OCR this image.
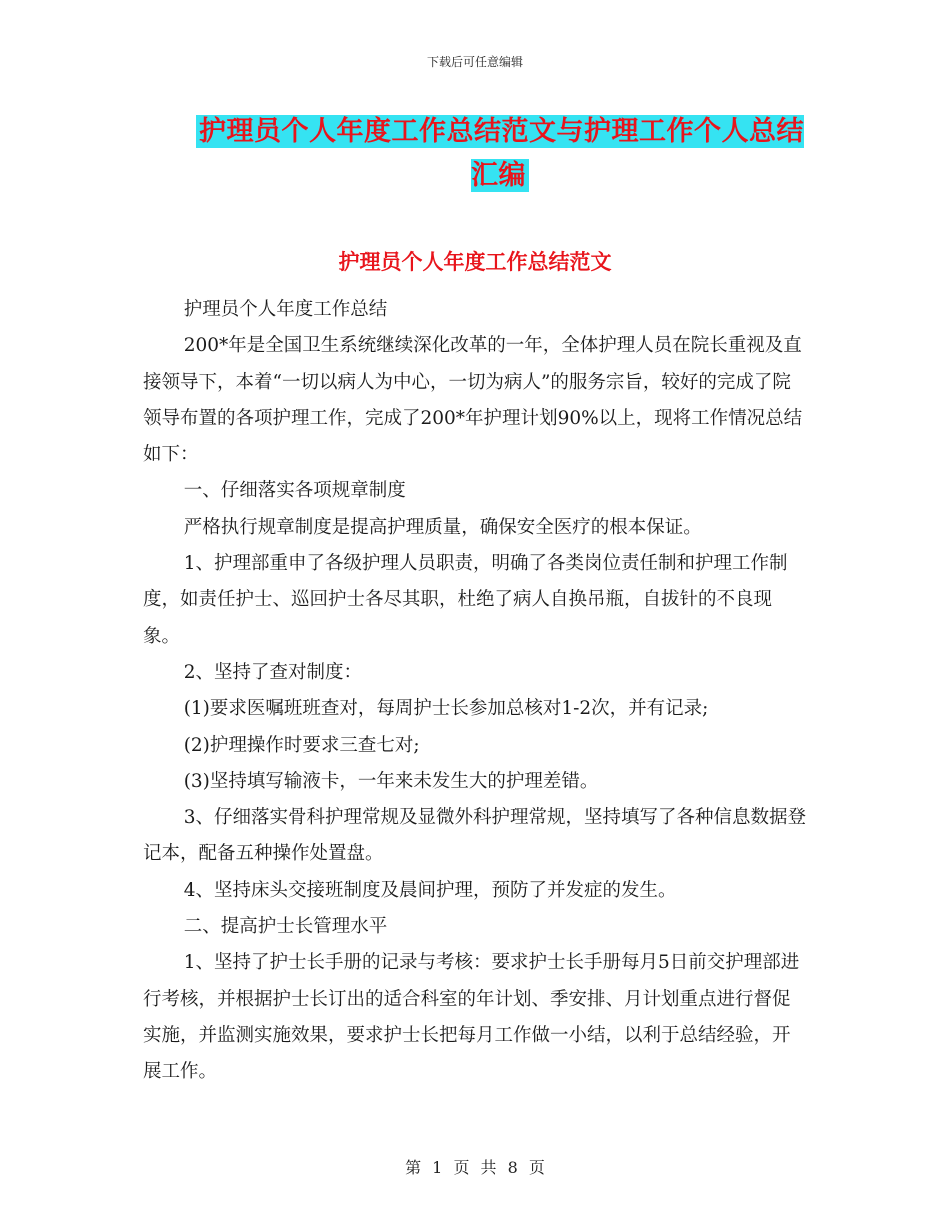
下载后可任意编辑
护理员个人年度工作总结范文与护理工作个人总结汇编
护理员个人年度工作总结范文

护理员个人年度工作总结

200*年是全国卫生系统继续深化改革的一年，全体护理人员在院长重视及直接领导下，本着“一切以病人为中心，一切为病人”的服务宗旨，较好的完成了院领导布置的各项护理工作，完成了200*年护理计划90%以上，现将工作情况总结如下：

一、仔细落实各项规章制度

严格执行规章制度是提高护理质量，确保安全医疗的根本保证。

1、护理部重申了各级护理人员职责，明确了各类岗位责任制和护理工作制度，如责任护士、巡回护士各尽其职，杜绝了病人自换吊瓶，自拔针的不良现象。

2、坚持了查对制度：

(1)要求医嘱班班查对，每周护士长参加总核对1-2次，并有记录;

(2)护理操作时要求三查七对;

(3)坚持填写输液卡，一年来未发生大的护理差错。

3、仔细落实骨科护理常规及显微外科护理常规，坚持填写了各种信息数据登记本，配备五种操作处置盘。

4、坚持床头交接班制度及晨间护理，预防了并发症的发生。

二、提高护士长管理水平

1、坚持了护士长手册的记录与考核：要求护士长手册每月5日前交护理部进行考核，并根据护士长订出的适合科室的年计划、季安排、月计划重点进行督促实施，并监测实施效果，要求护士长把每月工作做一小结，以利于总结经验，开展工作。

第 1 页 共 8 页
